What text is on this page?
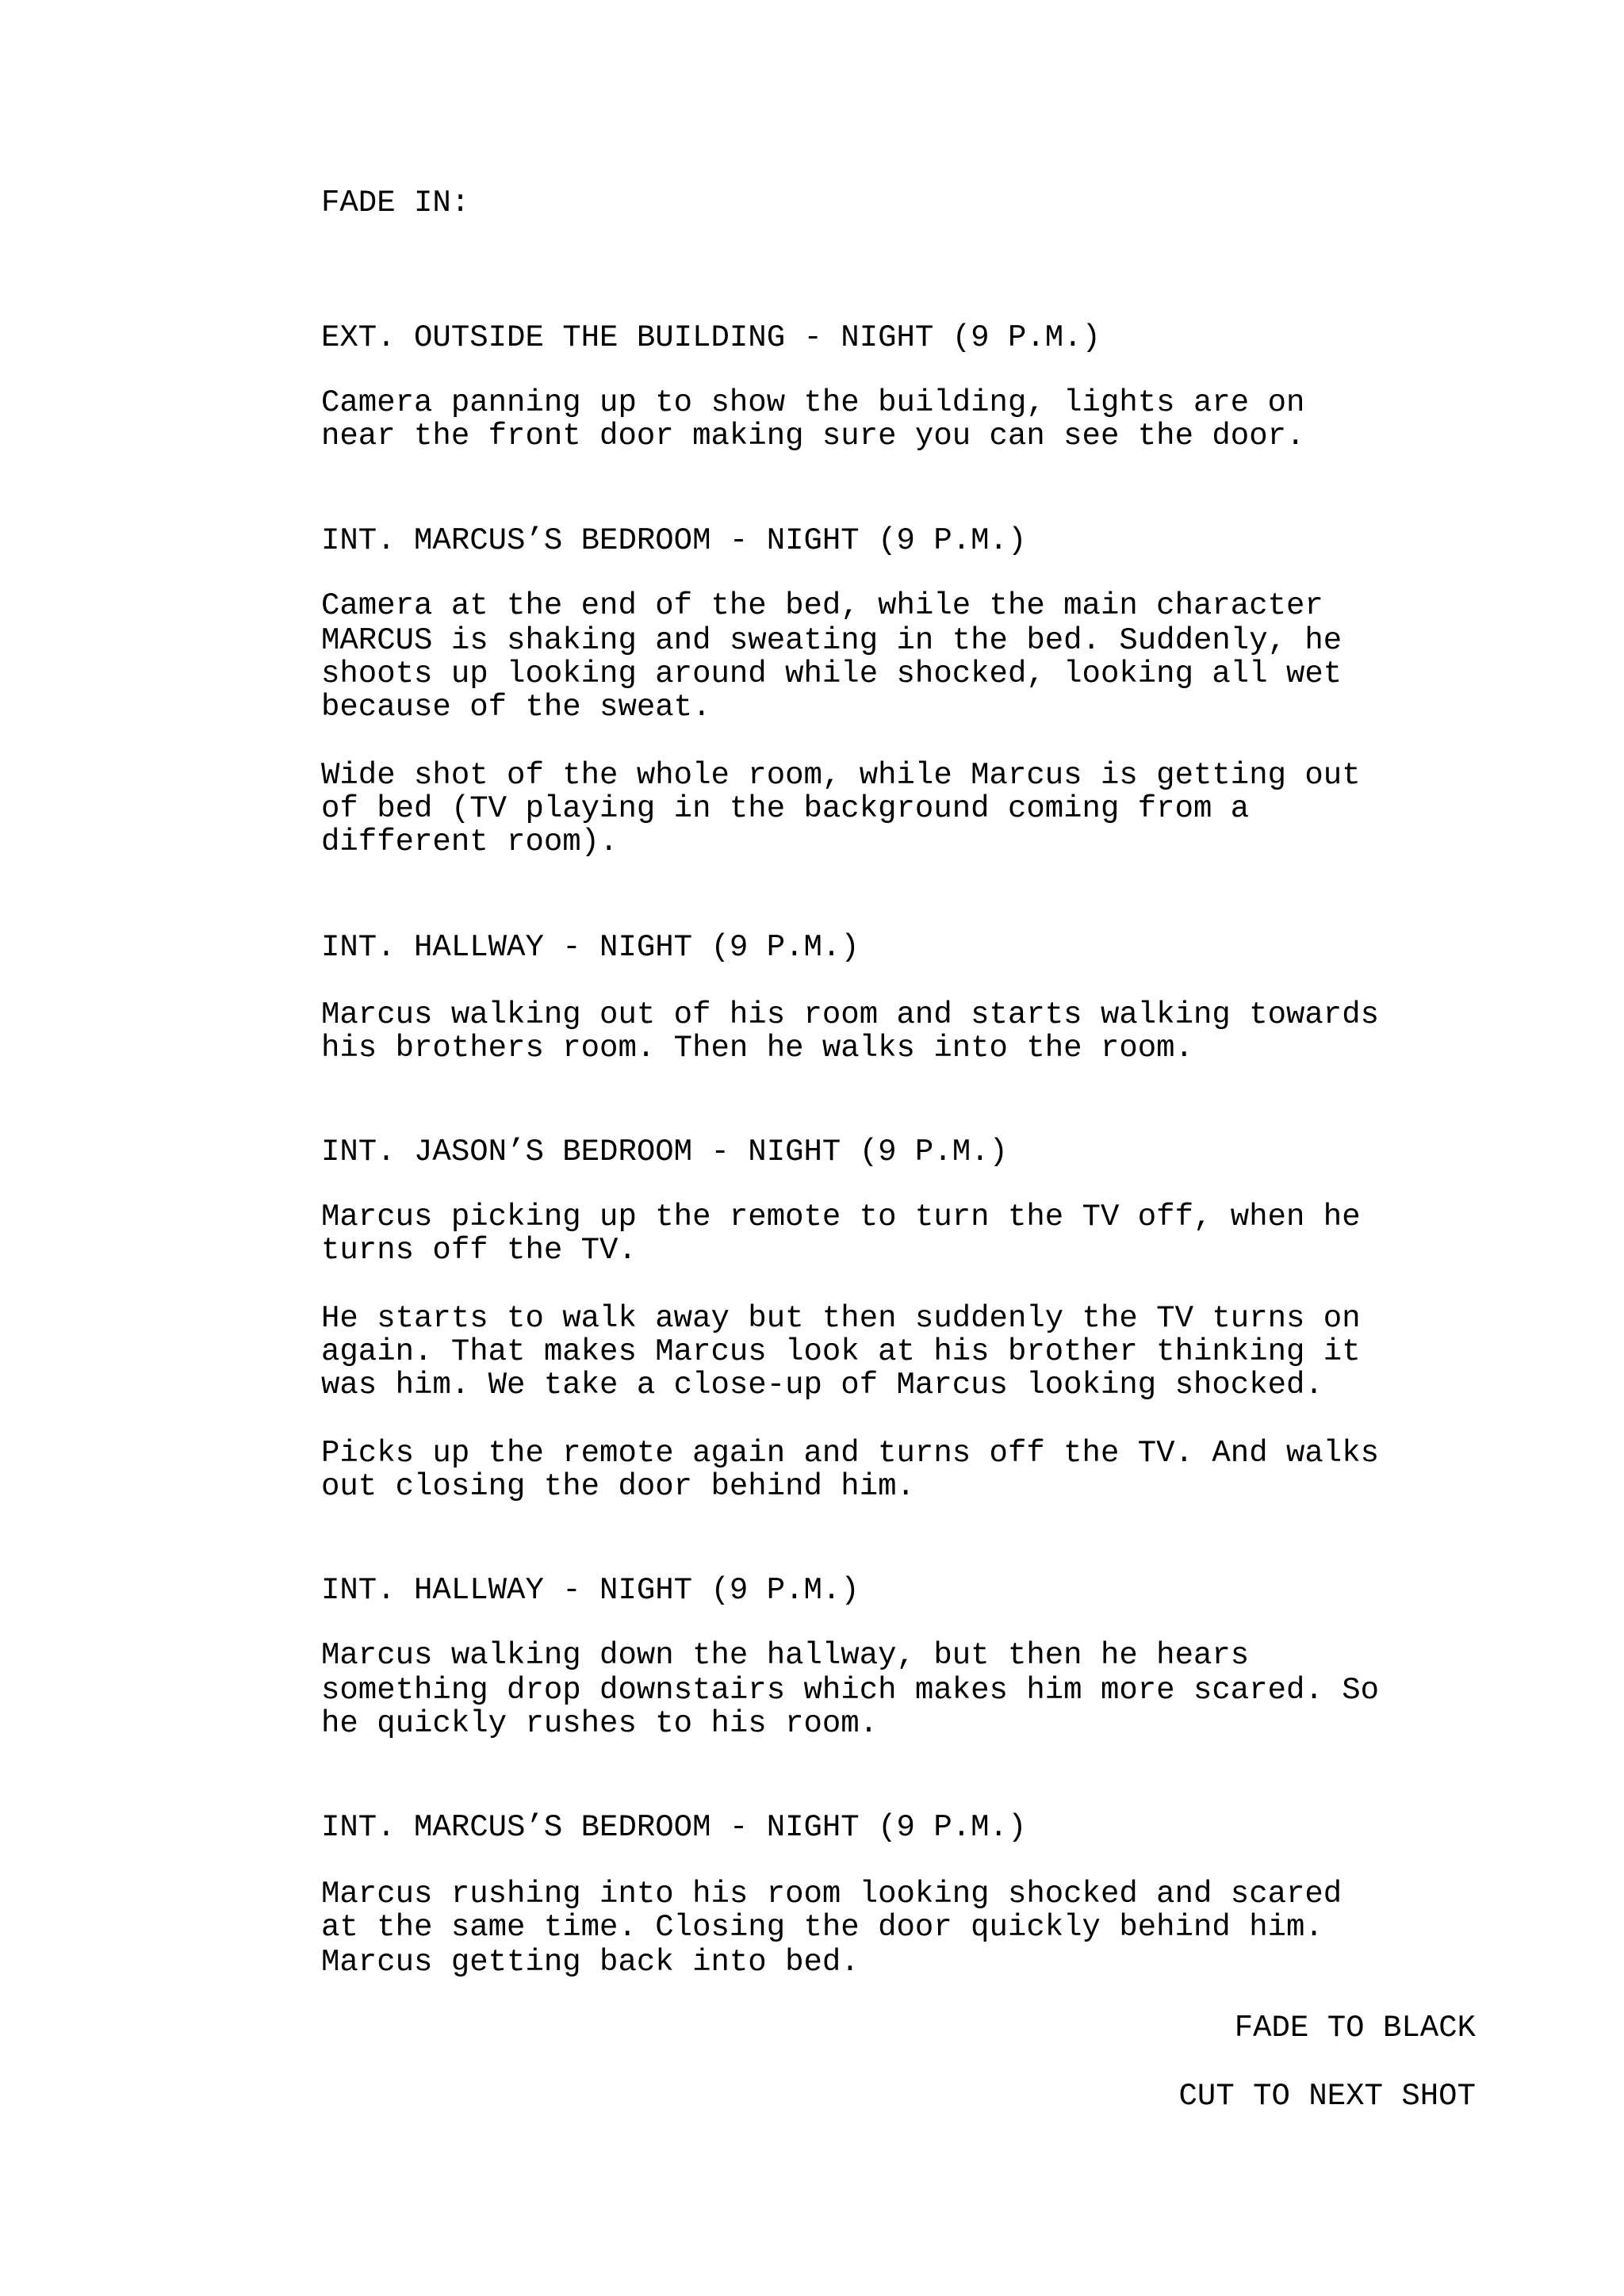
FADE IN:
EXT. OUTSIDE THE BUILDING - NIGHT (9 P.M.)
Camera panning up to show the building, lights are on
near the front door making sure you can see the door.
INT. MARCUS’S BEDROOM - NIGHT (9 P.M.)
Camera at the end of the bed, while the main character
MARCUS is shaking and sweating in the bed. Suddenly, he
shoots up looking around while shocked, looking all wet
because of the sweat.
Wide shot of the whole room, while Marcus is getting out
of bed (TV playing in the background coming from a
different room).
INT. HALLWAY - NIGHT (9 P.M.)
Marcus walking out of his room and starts walking towards
his brothers room. Then he walks into the room.
INT. JASON’S BEDROOM - NIGHT (9 P.M.)
Marcus picking up the remote to turn the TV off, when he
turns off the TV.
He starts to walk away but then suddenly the TV turns on
again. That makes Marcus look at his brother thinking it
was him. We take a close-up of Marcus looking shocked.
Picks up the remote again and turns off the TV. And walks
out closing the door behind him.
INT. HALLWAY - NIGHT (9 P.M.)
Marcus walking down the hallway, but then he hears
something drop downstairs which makes him more scared. So
he quickly rushes to his room.
INT. MARCUS’S BEDROOM - NIGHT (9 P.M.)
Marcus rushing into his room looking shocked and scared
at the same time. Closing the door quickly behind him.
Marcus getting back into bed.
FADE TO BLACK
CUT TO NEXT SHOT
